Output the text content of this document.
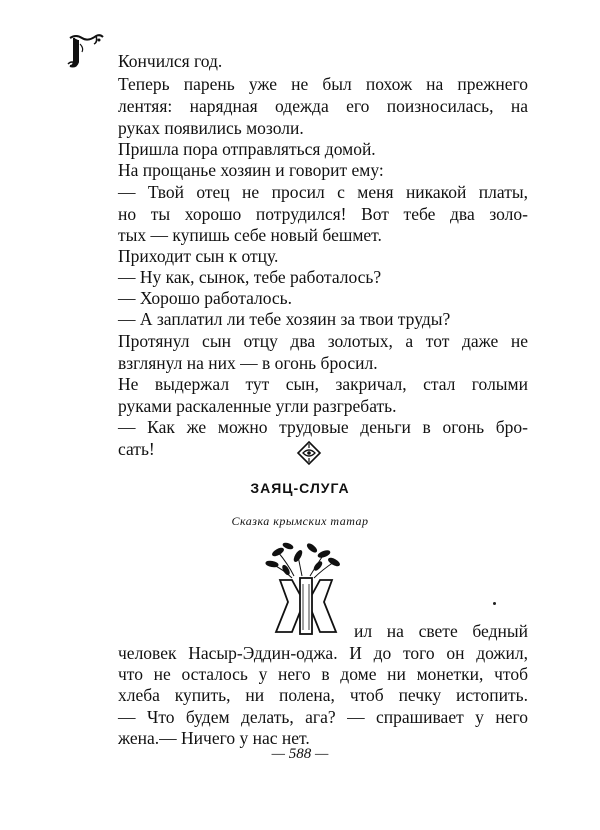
Кончился год.
Теперь парень уже не был похож на прежнего
лентяя: нарядная одежда его поизносилась, на
руках появились мозоли.
Пришла пора отправляться домой.
На прощанье хозяин и говорит ему:
— Твой отец не просил с меня никакой платы,
но ты хорошо потрудился! Вот тебе два золо-
тых — купишь себе новый бешмет.
Приходит сын к отцу.
— Ну как, сынок, тебе работалось?
— Хорошо работалось.
— А заплатил ли тебе хозяин за твои труды?
Протянул сын отцу два золотых, а тот даже не
взглянул на них — в огонь бросил.
Не выдержал тут сын, закричал, стал голыми
руками раскаленные угли разгребать.
— Как же можно трудовые деньги в огонь бро-
сать!
ЗАЯЦ-СЛУГА
Сказка крымских татар
ил на свете бедный
человек Насыр-Эддин-оджа. И до того он дожил,
что не осталось у него в доме ни монетки, чтоб
хлеба купить, ни полена, чтоб печку истопить.
— Что будем делать, ага? — спрашивает у него
жена.— Ничего у нас нет.
— 588 —
